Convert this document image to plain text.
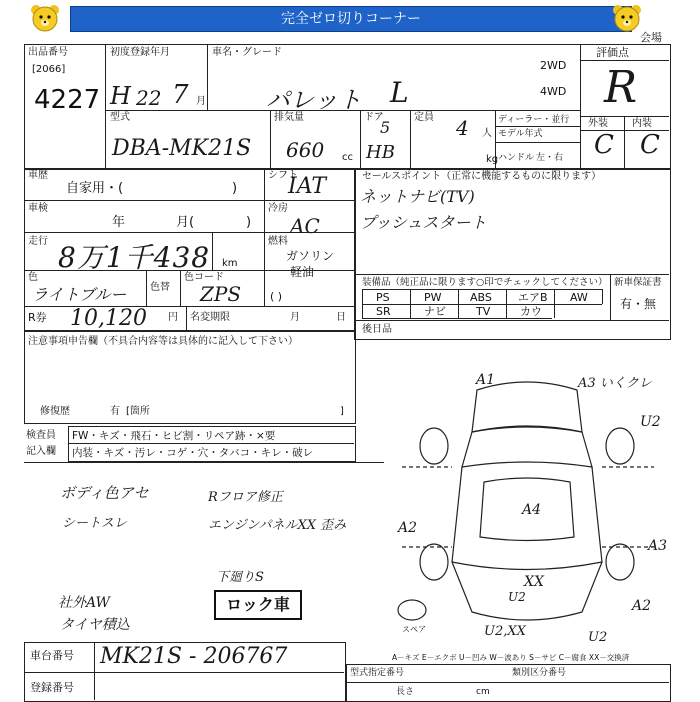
完全ゼロ切りコーナー
会場
出品番号
[2066]
4227
初度登録年月
H 22 7 月
車名・グレード
パレット L
2WD
4WD
型式
DBA-MK21S
排気量
660 cc
ドア
5
HB
定員 4 人
kg
ディーラー・並行
モデル年式
ハンドル 左・右
評価点
R
外装 内装
C C
車歴
自家用・(	)
シフト
IAT
車検
年	月(	)
冷房
AC
走行 8万1千438 km
燃料
ガソリン
軽油
( )
色
ライトブルー 色替
色コード
ZPS
R券 10,120 円 名変期限	月	日
セールスポイント（正常に機能するものに限ります）
ネットナビ(TV)
プッシュスタート
装備品（純正品に限ります○印でチェックしてください） 新車保証書
有・無
PS	PW	ABS エアB AW
SR	ナビ	TV	カウ
後日品
注意事項申告欄（不具合内容等は具体的に記入して下さい）
修復歴	有 [箇所	]
検査員
記入欄
FW・キズ・飛石・ヒビ割・リペア跡・×要
内装・キズ・汚レ・コゲ・穴・タバコ・キレ・破レ
ボディ色アセ
シートスレ
社外AW
タイヤ積込
Rフロア修正
エンジンパネルXX 歪み
下廻りS
ロック車
A1	A3 いくクレ
U2
A4
A2
A3
U2
XX
A2
U2,XX	U2
スペア
A－キズ E－エクボ U－凹み W－波あり S－サビ C－腐食 XX－交換済
車台番号 MK21S - 206767
登録番号
型式指定番号	類別区分番号
長さ	cm
